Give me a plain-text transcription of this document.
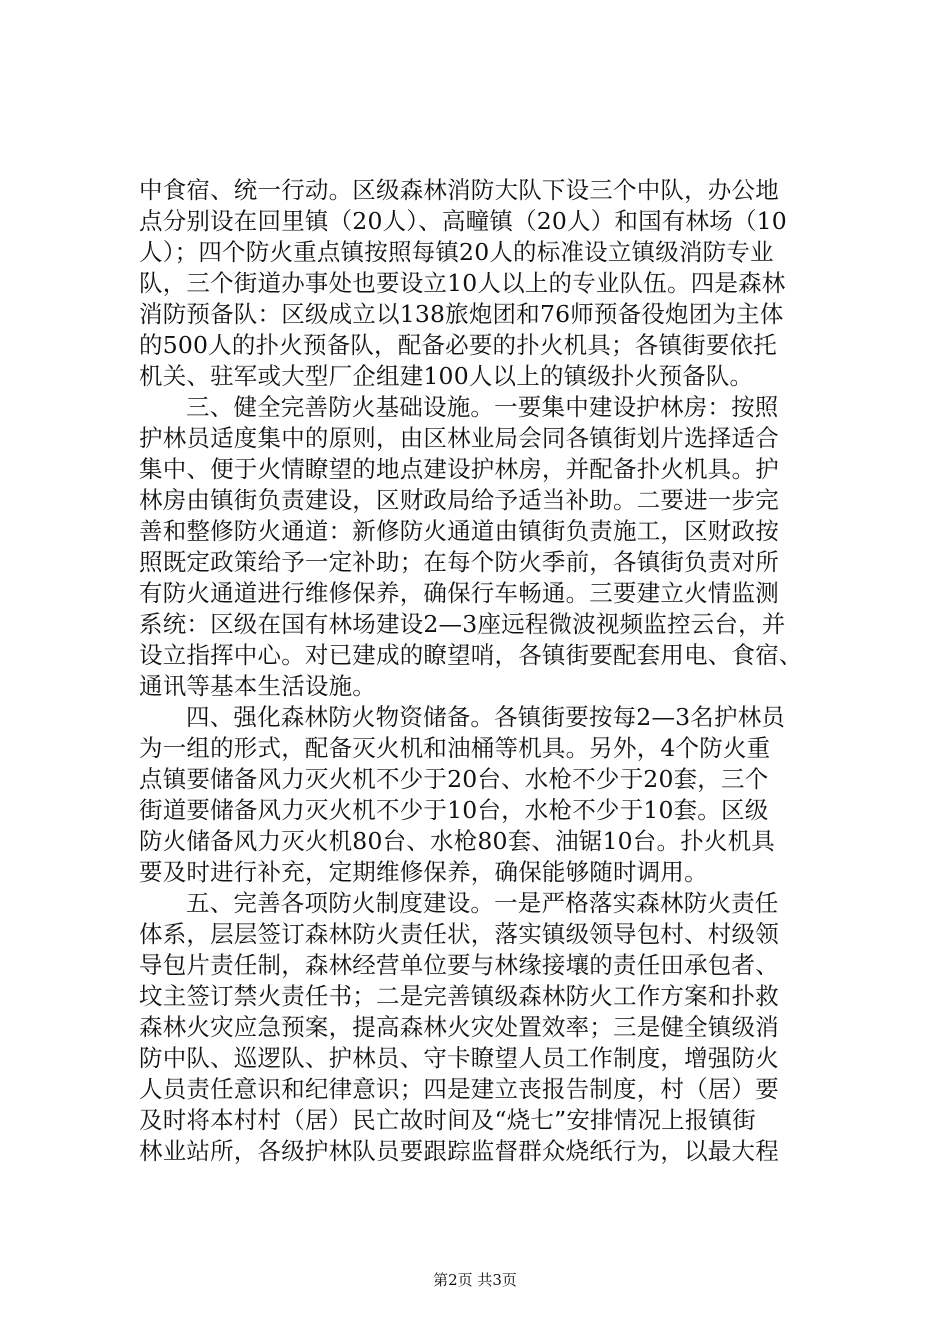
中食宿、统一行动。区级森林消防大队下设三个中队，办公地
点分别设在回里镇（20人）、高疃镇（20人）和国有林场（10
人）；四个防火重点镇按照每镇20人的标准设立镇级消防专业
队，三个街道办事处也要设立10人以上的专业队伍。四是森林
消防预备队：区级成立以138旅炮团和76师预备役炮团为主体
的500人的扑火预备队，配备必要的扑火机具；各镇街要依托
机关、驻军或大型厂企组建100人以上的镇级扑火预备队。
三、健全完善防火基础设施。一要集中建设护林房：按照
护林员适度集中的原则，由区林业局会同各镇街划片选择适合
集中、便于火情瞭望的地点建设护林房，并配备扑火机具。护
林房由镇街负责建设，区财政局给予适当补助。二要进一步完
善和整修防火通道：新修防火通道由镇街负责施工，区财政按
照既定政策给予一定补助；在每个防火季前，各镇街负责对所
有防火通道进行维修保养，确保行车畅通。三要建立火情监测
系统：区级在国有林场建设2—3座远程微波视频监控云台，并
设立指挥中心。对已建成的瞭望哨，各镇街要配套用电、食宿、
通讯等基本生活设施。
四、强化森林防火物资储备。各镇街要按每2—3名护林员
为一组的形式，配备灭火机和油桶等机具。另外，4个防火重
点镇要储备风力灭火机不少于20台、水枪不少于20套，三个
街道要储备风力灭火机不少于10台，水枪不少于10套。区级
防火储备风力灭火机80台、水枪80套、油锯10台。扑火机具
要及时进行补充，定期维修保养，确保能够随时调用。
五、完善各项防火制度建设。一是严格落实森林防火责任
体系，层层签订森林防火责任状，落实镇级领导包村、村级领
导包片责任制，森林经营单位要与林缘接壤的责任田承包者、
坟主签订禁火责任书；二是完善镇级森林防火工作方案和扑救
森林火灾应急预案，提高森林火灾处置效率；三是健全镇级消
防中队、巡逻队、护林员、守卡瞭望人员工作制度，增强防火
人员责任意识和纪律意识；四是建立丧报告制度，村（居）要
及时将本村村（居）民亡故时间及“烧七”安排情况上报镇街
林业站所，各级护林队员要跟踪监督群众烧纸行为，以最大程
第2页 共3页
